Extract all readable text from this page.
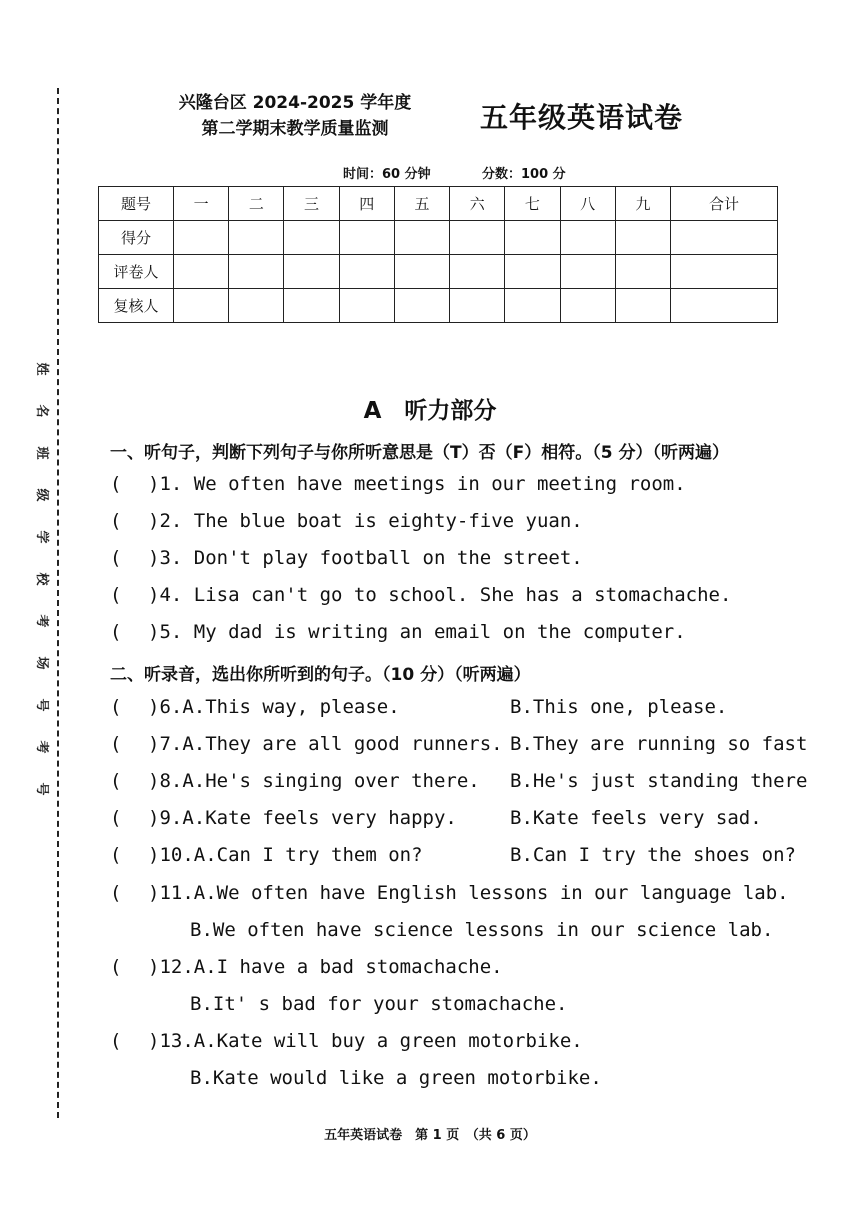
姓
名
班
级
学
校
考
场
号
考
号
兴隆台区 2024-2025 学年度
第二学期末教学质量监测	五年级英语试卷
时间：60 分钟	分数：100 分
题号	一	二	三	四	五	六	七	八	九	合计
得分										
评卷人										
复核人										
A　听力部分
一、听句子，判断下列句子与你所听意思是（T）否（F）相符。（5 分）（听两遍）
( )1. We often have meetings in our meeting room.
( )2. The blue boat is eighty-five yuan.
( )3. Don't play football on the street.
( )4. Lisa can't go to school. She has a stomachache.
( )5. My dad is writing an email on the computer.
二、听录音，选出你所听到的句子。（10 分）（听两遍）
( )6.A.This way, please.	B.This one, please.
( )7.A.They are all good runners. B.They are running so fast
( )8.A.He's singing over there. B.He's just standing there
( )9.A.Kate feels very happy.	B.Kate feels very sad.
( )10.A.Can I try them on?	B.Can I try the shoes on?
( )11.A.We often have English lessons in our language lab.
B.We often have science lessons in our science lab.
( )12.A.I have a bad stomachache.
B.It' s bad for your stomachache.
( )13.A.Kate will buy a green motorbike.
B.Kate would like a green motorbike.
五年英语试卷　第 1 页　（共 6 页）
